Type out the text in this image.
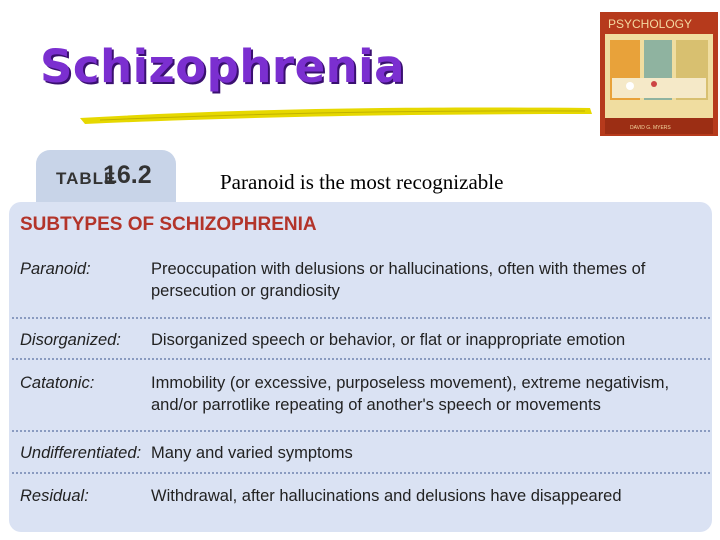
Schizophrenia
PSYCHOLOGY
DAVID G. MYERS
TABLE
16.2	Paranoid is the most recognizable
SUBTYPES OF SCHIZOPHRENIA
Paranoid:	Preoccupation with delusions or hallucinations, often with themes of persecution or grandiosity
Disorganized: Disorganized speech or behavior, or flat or inappropriate emotion
Catatonic:	Immobility (or excessive, purposeless movement), extreme negativism, and/or parrotlike repeating of another's speech or movements
Undifferentiated: Many and varied symptoms
Residual:	Withdrawal, after hallucinations and delusions have disappeared
